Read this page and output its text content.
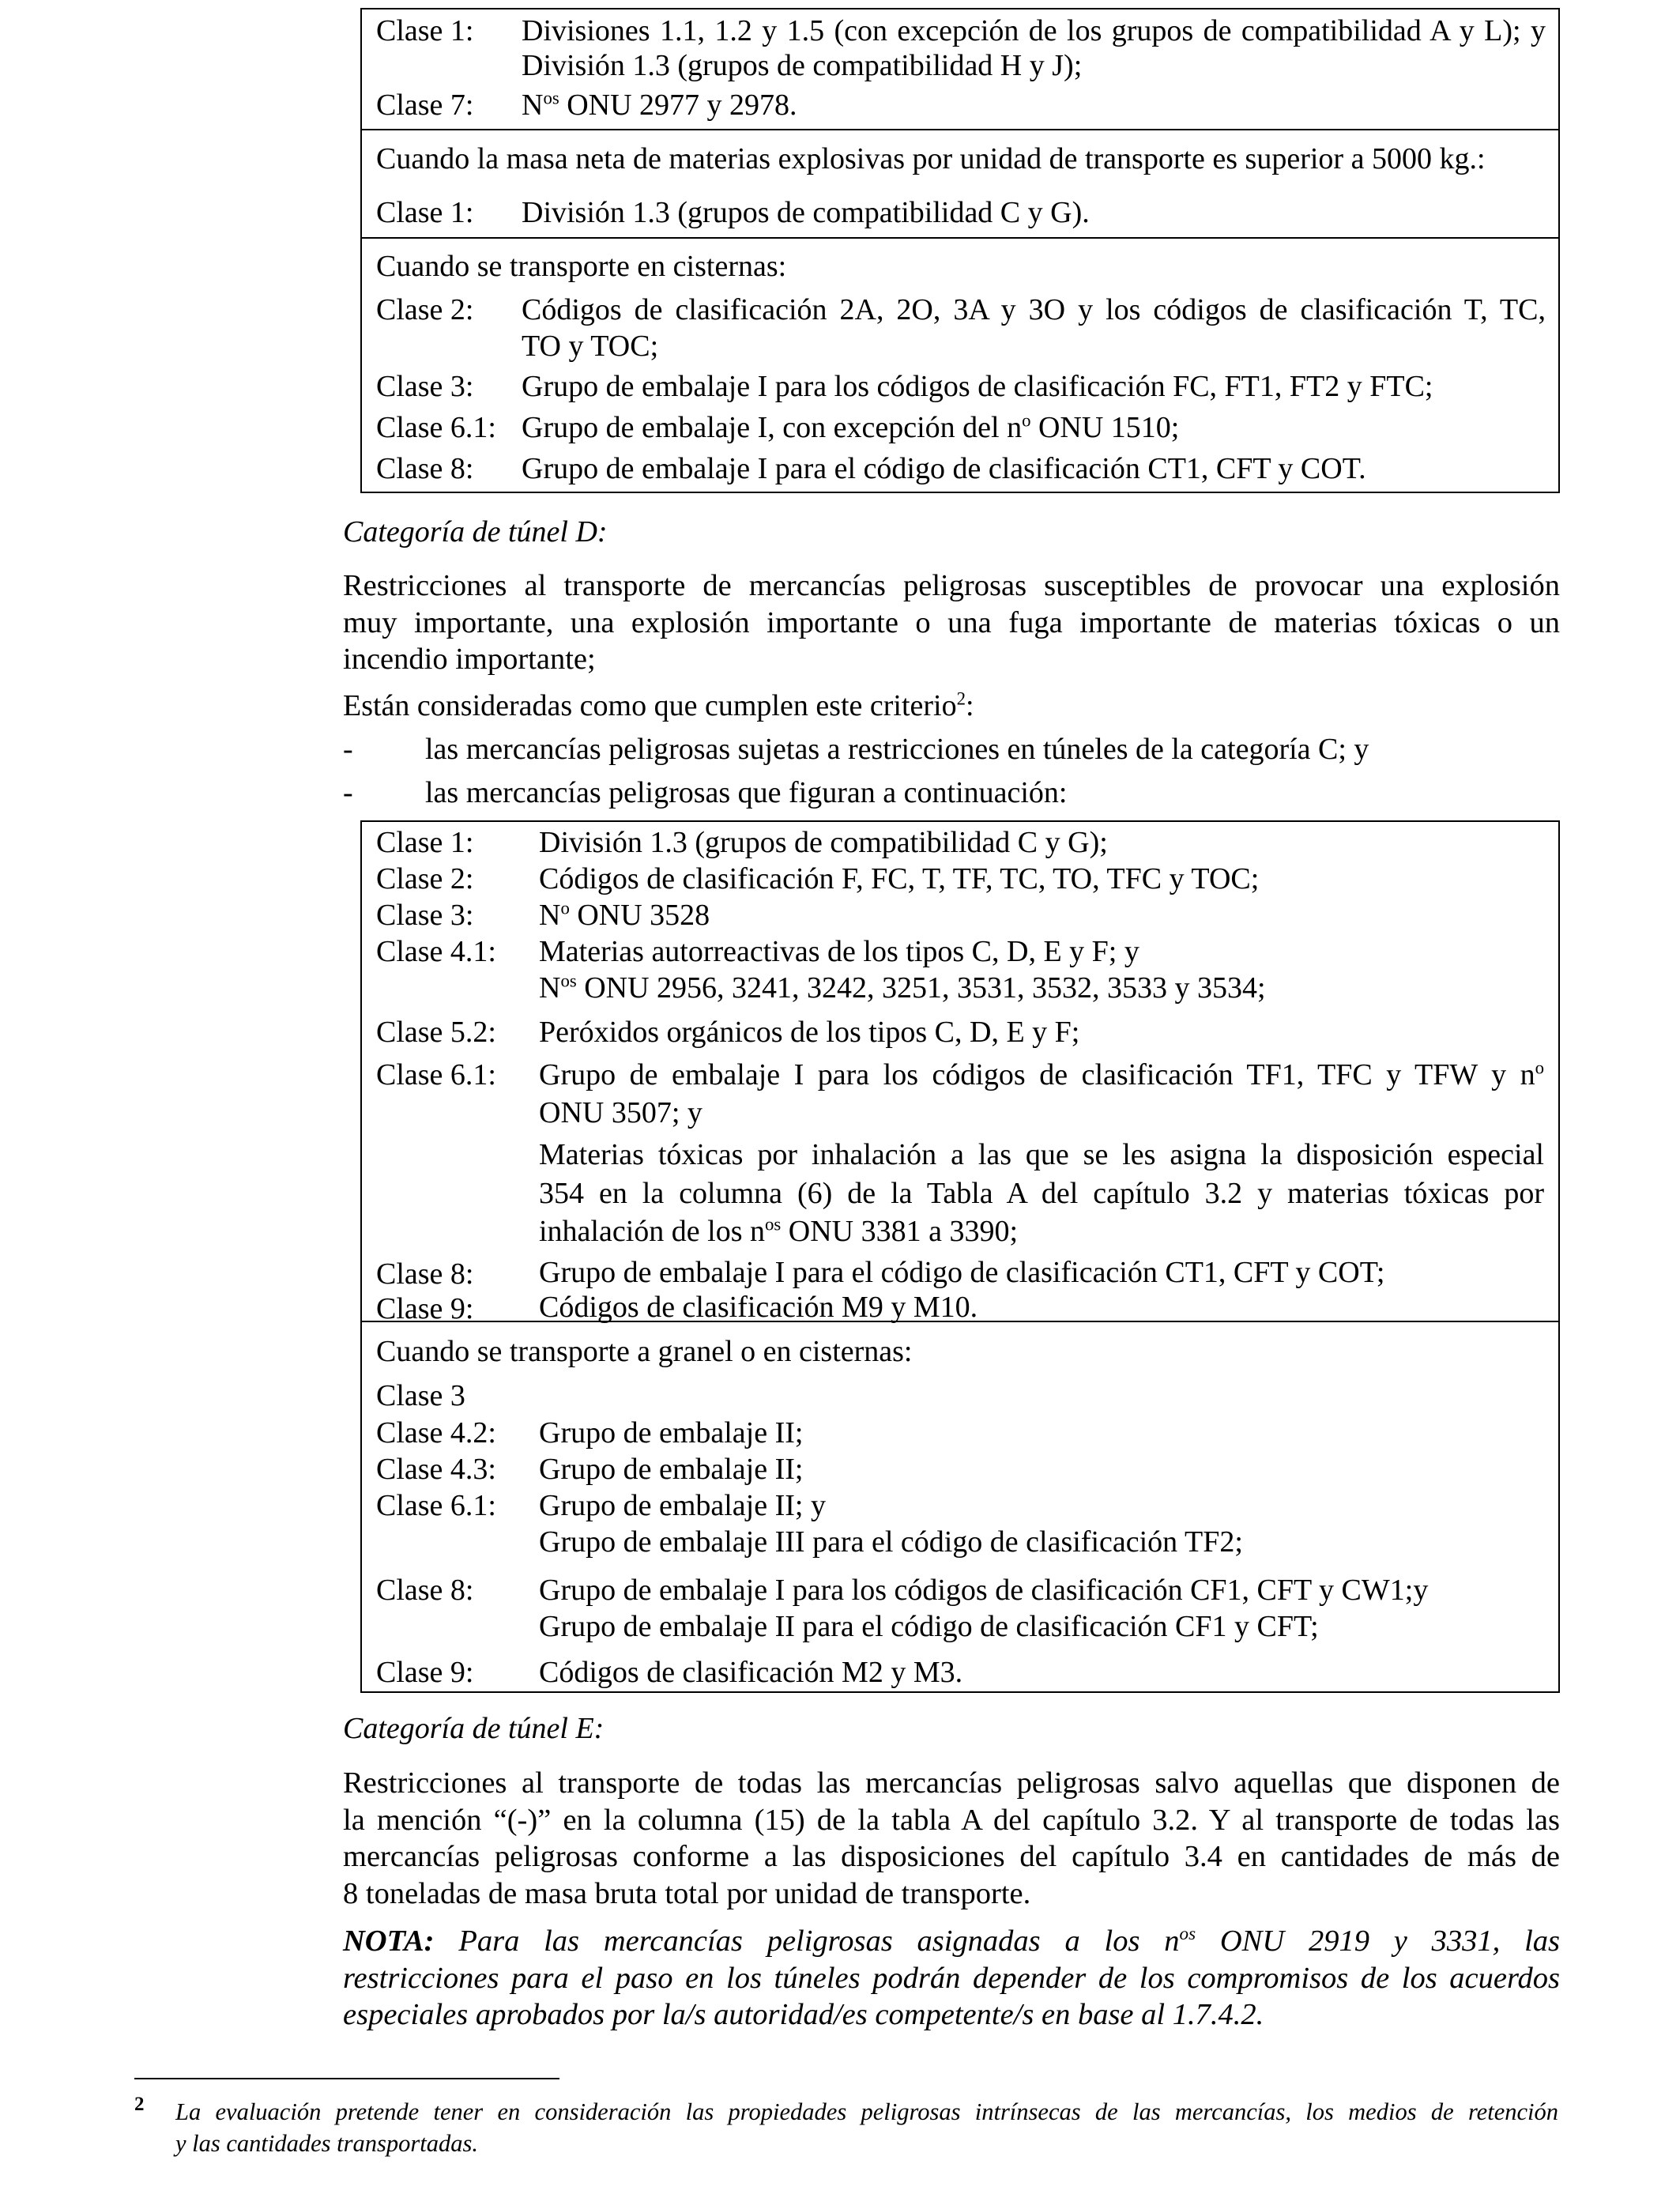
Clase 1: Divisiones 1.1, 1.2 y 1.5 (con excepción de los grupos de compatibilidad A y L); y
División 1.3 (grupos de compatibilidad H y J);
Clase 7: $N^{os}$ ONU 2977 y 2978.
Cuando la masa neta de materias explosivas por unidad de transporte es superior a 5000 kg.:
Clase 1: División 1.3 (grupos de compatibilidad C y G).
Cuando se transporte en cisternas:
Clase 2: Códigos de clasificación 2A, 2O, 3A y 3O y los códigos de clasificación T, TC,
TO y TOC;
Clase 3: Grupo de embalaje I para los códigos de clasificación FC, FT1, FT2 y FTC;
Clase 6.1: Grupo de embalaje I, con excepción del $n^o$ ONU 1510;
Clase 8: Grupo de embalaje I para el código de clasificación CT1, CFT y COT.
Categoría de túnel D:
Restricciones al transporte de mercancías peligrosas susceptibles de provocar una explosión
muy importante, una explosión importante o una fuga importante de materias tóxicas o un
incendio importante;
Están consideradas como que cumplen este criterio$^2$:
- las mercancías peligrosas sujetas a restricciones en túneles de la categoría C; y
- las mercancías peligrosas que figuran a continuación:
Clase 1: División 1.3 (grupos de compatibilidad C y G);
Clase 2: Códigos de clasificación F, FC, T, TF, TC, TO, TFC y TOC;
Clase 3: $N^o$ ONU 3528
Clase 4.1: Materias autorreactivas de los tipos C, D, E y F; y
$N^{os}$ ONU 2956, 3241, 3242, 3251, 3531, 3532, 3533 y 3534;
Clase 5.2: Peróxidos orgánicos de los tipos C, D, E y F;
Clase 6.1: Grupo de embalaje I para los códigos de clasificación TF1, TFC y TFW y $n^o$
ONU 3507; y
Materias tóxicas por inhalación a las que se les asigna la disposición especial
354 en la columna (6) de la Tabla A del capítulo 3.2 y materias tóxicas por
inhalación de los $n^{os}$ ONU 3381 a 3390;
Clase 8: Grupo de embalaje I para el código de clasificación CT1, CFT y COT;
Clase 9: Códigos de clasificación M9 y M10.
Cuando se transporte a granel o en cisternas:
Clase 3
Clase 4.2: Grupo de embalaje II;
Clase 4.3: Grupo de embalaje II;
Clase 6.1: Grupo de embalaje II; y
Grupo de embalaje III para el código de clasificación TF2;
Clase 8: Grupo de embalaje I para los códigos de clasificación CF1, CFT y CW1;y
Grupo de embalaje II para el código de clasificación CF1 y CFT;
Clase 9: Códigos de clasificación M2 y M3.
Categoría de túnel E:
Restricciones al transporte de todas las mercancías peligrosas salvo aquellas que disponen de
la mención “(-)” en la columna (15) de la tabla A del capítulo 3.2. Y al transporte de todas las
mercancías peligrosas conforme a las disposiciones del capítulo 3.4 en cantidades de más de
8 toneladas de masa bruta total por unidad de transporte.
NOTA: Para las mercancías peligrosas asignadas a los $n^{os}$ ONU 2919 y 3331, las
restricciones para el paso en los túneles podrán depender de los compromisos de los acuerdos
especiales aprobados por la/s autoridad/es competente/s en base al 1.7.4.2.
2 La evaluación pretende tener en consideración las propiedades peligrosas intrínsecas de las mercancías, los medios de retención
y las cantidades transportadas.
